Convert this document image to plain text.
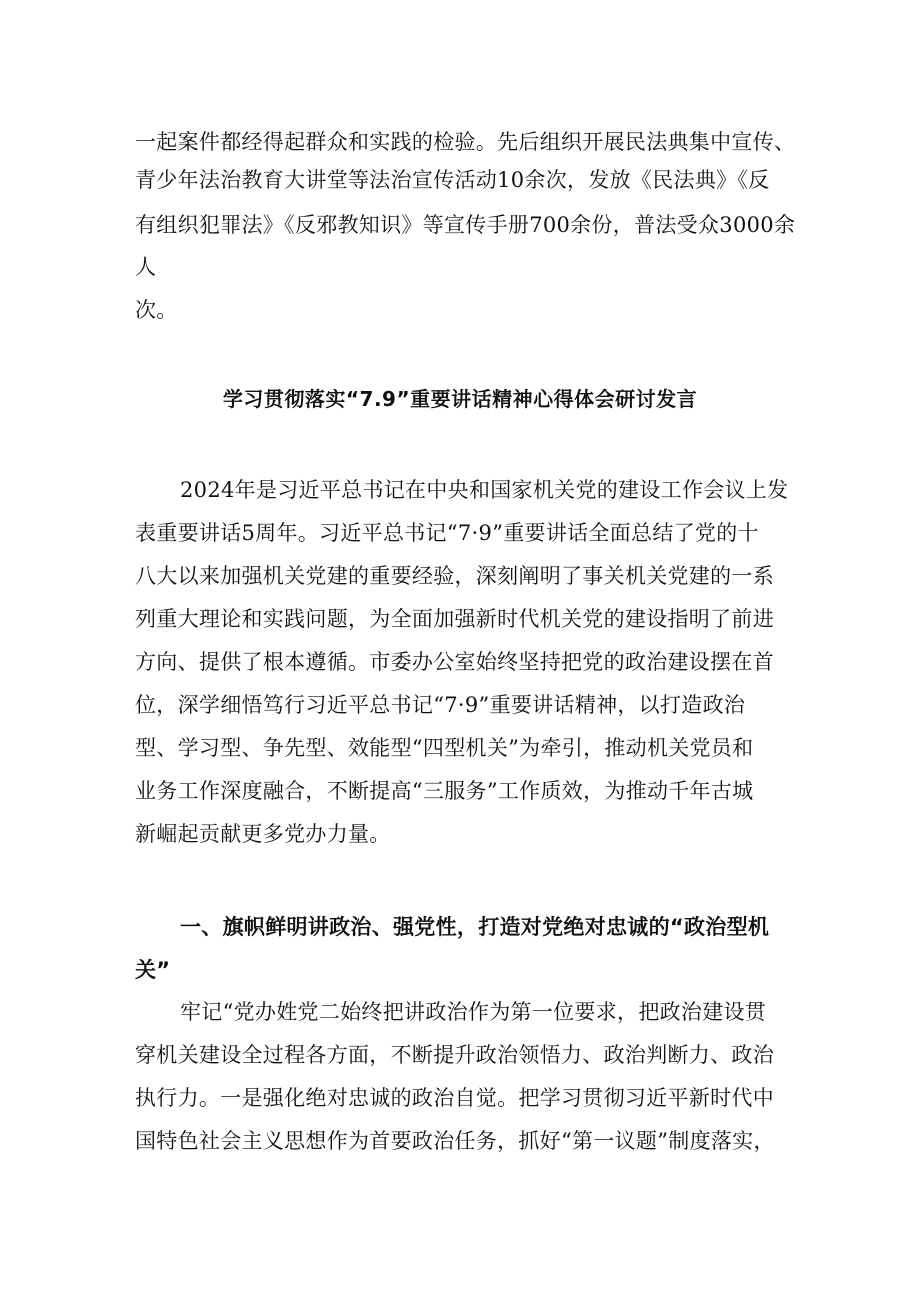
一起案件都经得起群众和实践的检验。先后组织开展民法典集中宣传、
青少年法治教育大讲堂等法治宣传活动10余次，发放《民法典》《反
有组织犯罪法》《反邪教知识》等宣传手册700余份，普法受众3000余
人
次。
学习贯彻落实“7.9”重要讲话精神心得体会研讨发言
2024年是习近平总书记在中央和国家机关党的建设工作会议上发
表重要讲话5周年。习近平总书记“7·9”重要讲话全面总结了党的十
八大以来加强机关党建的重要经验，深刻阐明了事关机关党建的一系
列重大理论和实践问题，为全面加强新时代机关党的建设指明了前进
方向、提供了根本遵循。市委办公室始终坚持把党的政治建设摆在首
位，深学细悟笃行习近平总书记“7·9”重要讲话精神，以打造政治
型、学习型、争先型、效能型“四型机关”为牵引，推动机关党员和
业务工作深度融合，不断提高“三服务”工作质效，为推动千年古城
新崛起贡献更多党办力量。
一、旗帜鲜明讲政治、强党性，打造对党绝对忠诚的“政治型机
关”
牢记“党办姓党二始终把讲政治作为第一位要求，把政治建设贯
穿机关建设全过程各方面，不断提升政治领悟力、政治判断力、政治
执行力。一是强化绝对忠诚的政治自觉。把学习贯彻习近平新时代中
国特色社会主义思想作为首要政治任务，抓好“第一议题”制度落实，
